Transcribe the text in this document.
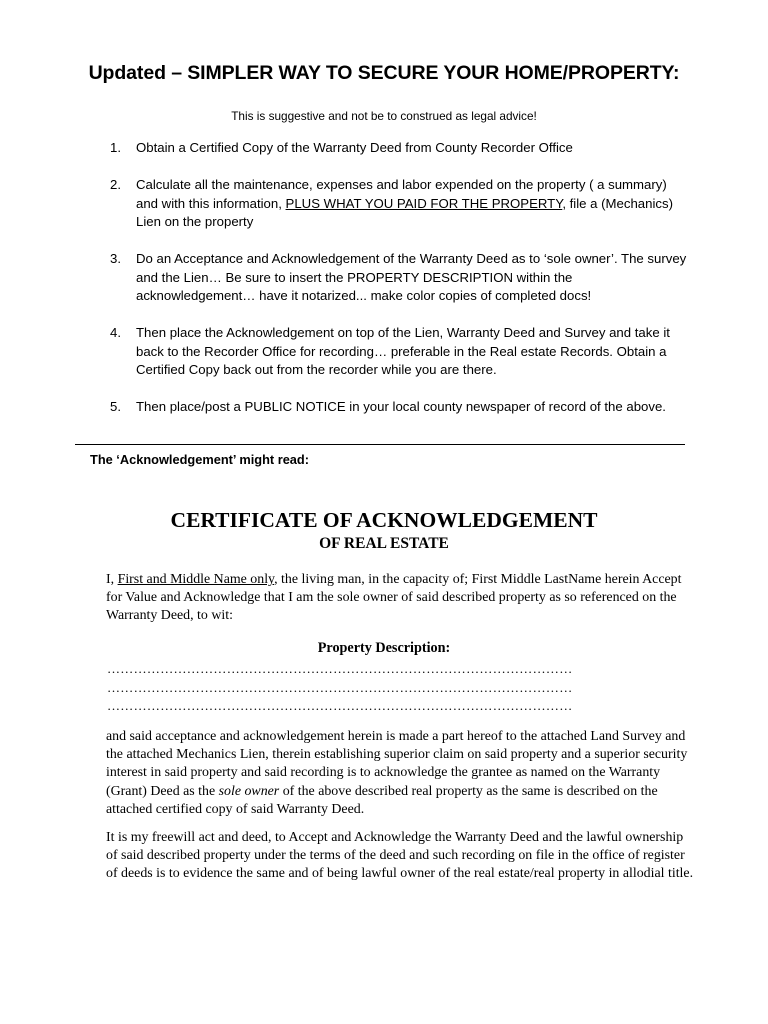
Updated – SIMPLER WAY TO SECURE YOUR HOME/PROPERTY:
This is suggestive and not be to construed as legal advice!
1. Obtain a Certified Copy of the Warranty Deed from County Recorder Office
2. Calculate all the maintenance, expenses and labor expended on the property ( a summary) and with this information, PLUS WHAT YOU PAID FOR THE PROPERTY, file a (Mechanics) Lien on the property
3. Do an Acceptance and Acknowledgement of the Warranty Deed as to ‘sole owner’. The survey and the Lien… Be sure to insert the PROPERTY DESCRIPTION within the acknowledgement… have it notarized... make color copies of completed docs!
4. Then place the Acknowledgement on top of the Lien, Warranty Deed and Survey and take it back to the Recorder Office for recording… preferable in the Real estate Records. Obtain a Certified Copy back out from the recorder while you are there.
5. Then place/post a PUBLIC NOTICE in your local county newspaper of record of the above.
The ‘Acknowledgement’ might read:
CERTIFICATE OF ACKNOWLEDGEMENT
OF REAL ESTATE

I, First and Middle Name only, the living man, in the capacity of; First Middle LastName herein Accept for Value and Acknowledge that I am the sole owner of said described property as so referenced on the Warranty Deed, to wit:

Property Description:
……………………………………………………………………………………………
……………………………………………………………………………………………
……………………………………………………………………………………………

and said acceptance and acknowledgement herein is made a part hereof to the attached Land Survey and the attached Mechanics Lien, therein establishing superior claim on said property and a superior security interest in said property and said recording is to acknowledge the grantee as named on the Warranty (Grant) Deed as the sole owner of the above described real property as the same is described on the attached certified copy of said Warranty Deed.

It is my freewill act and deed, to Accept and Acknowledge the Warranty Deed and the lawful ownership of said described property under the terms of the deed and such recording on file in the office of register of deeds is to evidence the same and of being lawful owner of the real estate/real property in allodial title.
